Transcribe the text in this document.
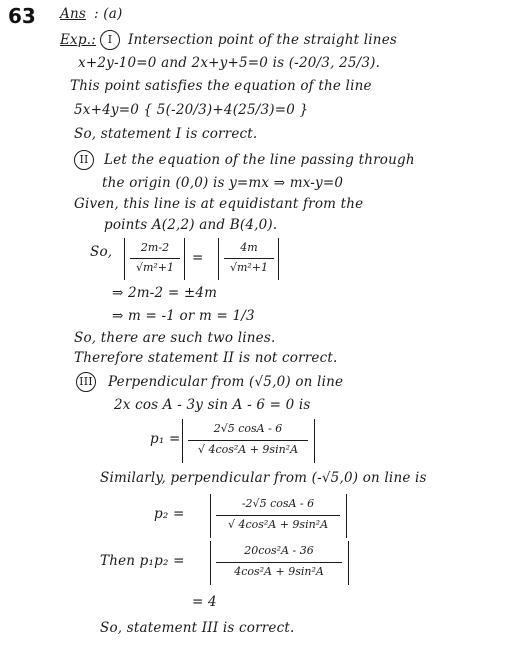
63 Ans : (a)
Exp.:	I	Intersection point of the straight lines
x+2y-10=0 and 2x+y+5=0 is (-20/3, 25/3).
This point satisfies the equation of the line
5x+4y=0 { 5(-20/3)+4(25/3)=0 }
So, statement I is correct.
II	Let the equation of the line passing through
the origin (0,0) is y=mx ⇒ mx-y=0
Given, this line is at equidistant from the
points A(2,2) and B(4,0).
So,	2m-2
√m²+1
=
4m
√m²+1
⇒ 2m-2 = ±4m
⇒ m = -1 or m = 1/3
So, there are such two lines.
Therefore statement II is not correct.
III	Perpendicular from (√5,0) on line
2x cos A - 3y sin A - 6 = 0 is
p₁ =
2√5 cosA - 6
√ 4cos²A + 9sin²A
Similarly, perpendicular from (-√5,0) on line is
p₂ =
-2√5 cosA - 6
√ 4cos²A + 9sin²A
Then p₁p₂ =
20cos²A - 36
4cos²A + 9sin²A
= 4
So, statement III is correct.
